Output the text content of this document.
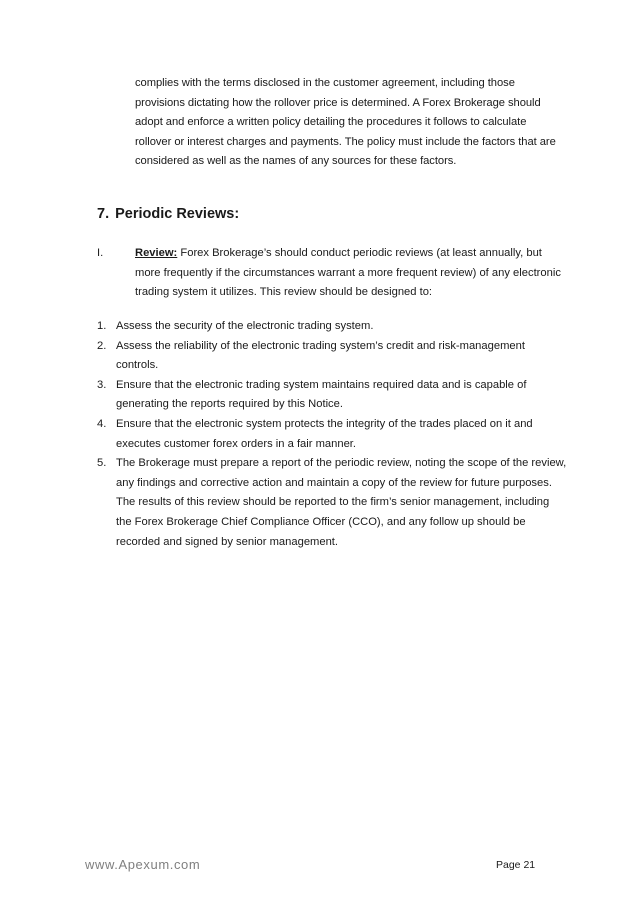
complies with the terms disclosed in the customer agreement, including those provisions dictating how the rollover price is determined. A Forex Brokerage should adopt and enforce a written policy detailing the procedures it follows to calculate rollover or interest charges and payments. The policy must include the factors that are considered as well as the names of any sources for these factors.

7. Periodic Reviews:
I.	Review: Forex Brokerage’s should conduct periodic reviews (at least annually, but more frequently if the circumstances warrant a more frequent review) of any electronic trading system it utilizes. This review should be designed to:
1. Assess the security of the electronic trading system.
2. Assess the reliability of the electronic trading system’s credit and risk-management controls.
3. Ensure that the electronic trading system maintains required data and is capable of generating the reports required by this Notice.
4. Ensure that the electronic system protects the integrity of the trades placed on it and executes customer forex orders in a fair manner.
5. The Brokerage must prepare a report of the periodic review, noting the scope of the review, any findings and corrective action and maintain a copy of the review for future purposes. The results of this review should be reported to the firm’s senior management, including the Forex Brokerage Chief Compliance Officer (CCO), and any follow up should be recorded and signed by senior management.
www.Apexum.com	Page 21
